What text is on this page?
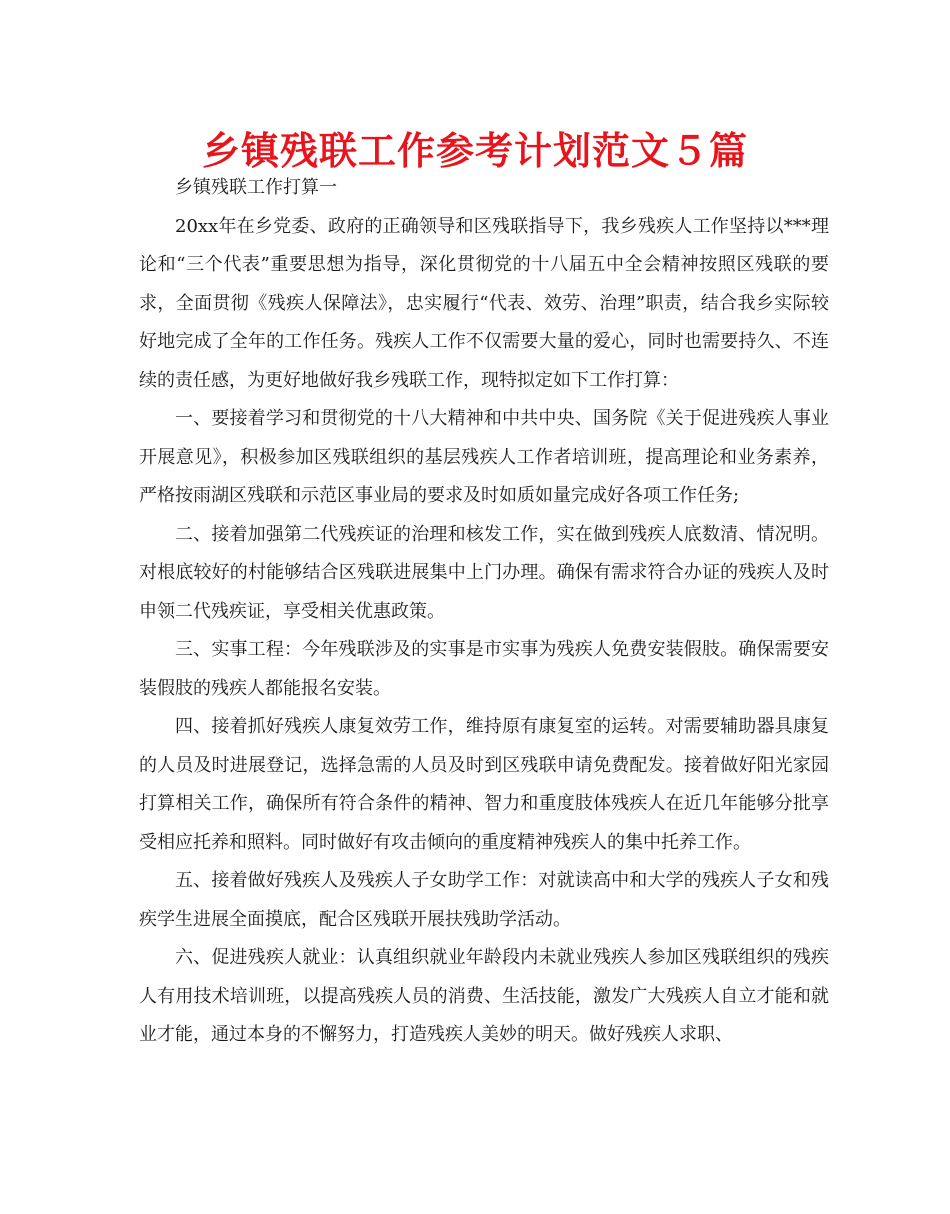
乡镇残联工作参考计划范文５篇

乡镇残联工作打算一

20xx年在乡党委、政府的正确领导和区残联指导下，我乡残疾人工作坚持以***理论和“三个代表”重要思想为指导，深化贯彻党的十八届五中全会精神按照区残联的要求，全面贯彻《残疾人保障法》，忠实履行“代表、效劳、治理”职责，结合我乡实际较好地完成了全年的工作任务。残疾人工作不仅需要大量的爱心，同时也需要持久、不连续的责任感，为更好地做好我乡残联工作，现特拟定如下工作打算：

一、要接着学习和贯彻党的十八大精神和中共中央、国务院《关于促进残疾人事业开展意见》，积极参加区残联组织的基层残疾人工作者培训班，提高理论和业务素养，严格按雨湖区残联和示范区事业局的要求及时如质如量完成好各项工作任务;

二、接着加强第二代残疾证的治理和核发工作，实在做到残疾人底数清、情况明。对根底较好的村能够结合区残联进展集中上门办理。确保有需求符合办证的残疾人及时申领二代残疾证，享受相关优惠政策。

三、实事工程：今年残联涉及的实事是市实事为残疾人免费安装假肢。确保需要安装假肢的残疾人都能报名安装。

四、接着抓好残疾人康复效劳工作，维持原有康复室的运转。对需要辅助器具康复的人员及时进展登记，选择急需的人员及时到区残联申请免费配发。接着做好阳光家园打算相关工作，确保所有符合条件的精神、智力和重度肢体残疾人在近几年能够分批享受相应托养和照料。同时做好有攻击倾向的重度精神残疾人的集中托养工作。

五、接着做好残疾人及残疾人子女助学工作：对就读高中和大学的残疾人子女和残疾学生进展全面摸底，配合区残联开展扶残助学活动。

六、促进残疾人就业：认真组织就业年龄段内未就业残疾人参加区残联组织的残疾人有用技术培训班，以提高残疾人员的消费、生活技能，激发广大残疾人自立才能和就业才能，通过本身的不懈努力，打造残疾人美妙的明天。做好残疾人求职、
